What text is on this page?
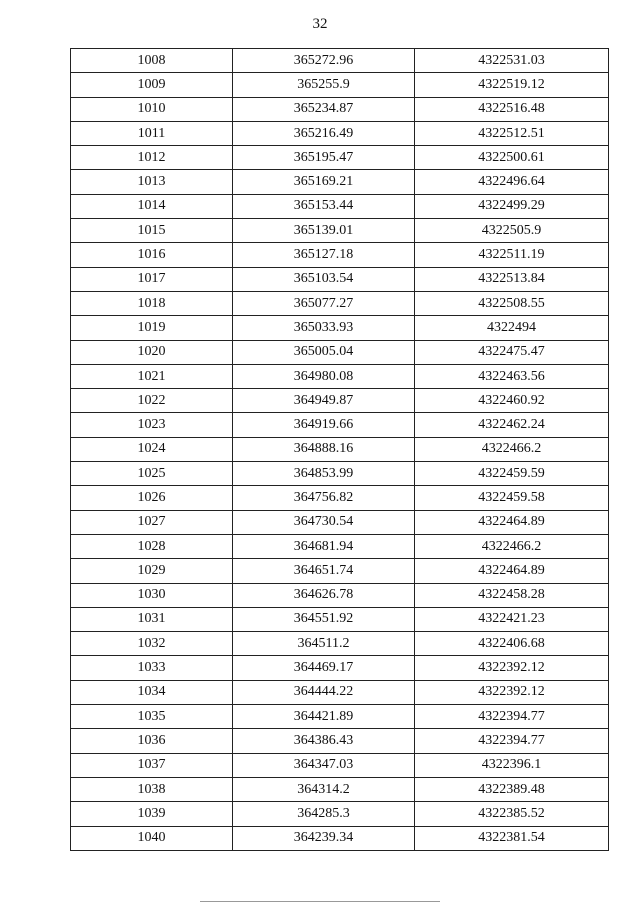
32
1008	365272.96	4322531.03
1009	365255.9	4322519.12
1010	365234.87	4322516.48
1011	365216.49	4322512.51
1012	365195.47	4322500.61
1013	365169.21	4322496.64
1014	365153.44	4322499.29
1015	365139.01	4322505.9
1016	365127.18	4322511.19
1017	365103.54	4322513.84
1018	365077.27	4322508.55
1019	365033.93	4322494
1020	365005.04	4322475.47
1021	364980.08	4322463.56
1022	364949.87	4322460.92
1023	364919.66	4322462.24
1024	364888.16	4322466.2
1025	364853.99	4322459.59
1026	364756.82	4322459.58
1027	364730.54	4322464.89
1028	364681.94	4322466.2
1029	364651.74	4322464.89
1030	364626.78	4322458.28
1031	364551.92	4322421.23
1032	364511.2	4322406.68
1033	364469.17	4322392.12
1034	364444.22	4322392.12
1035	364421.89	4322394.77
1036	364386.43	4322394.77
1037	364347.03	4322396.1
1038	364314.2	4322389.48
1039	364285.3	4322385.52
1040	364239.34	4322381.54
